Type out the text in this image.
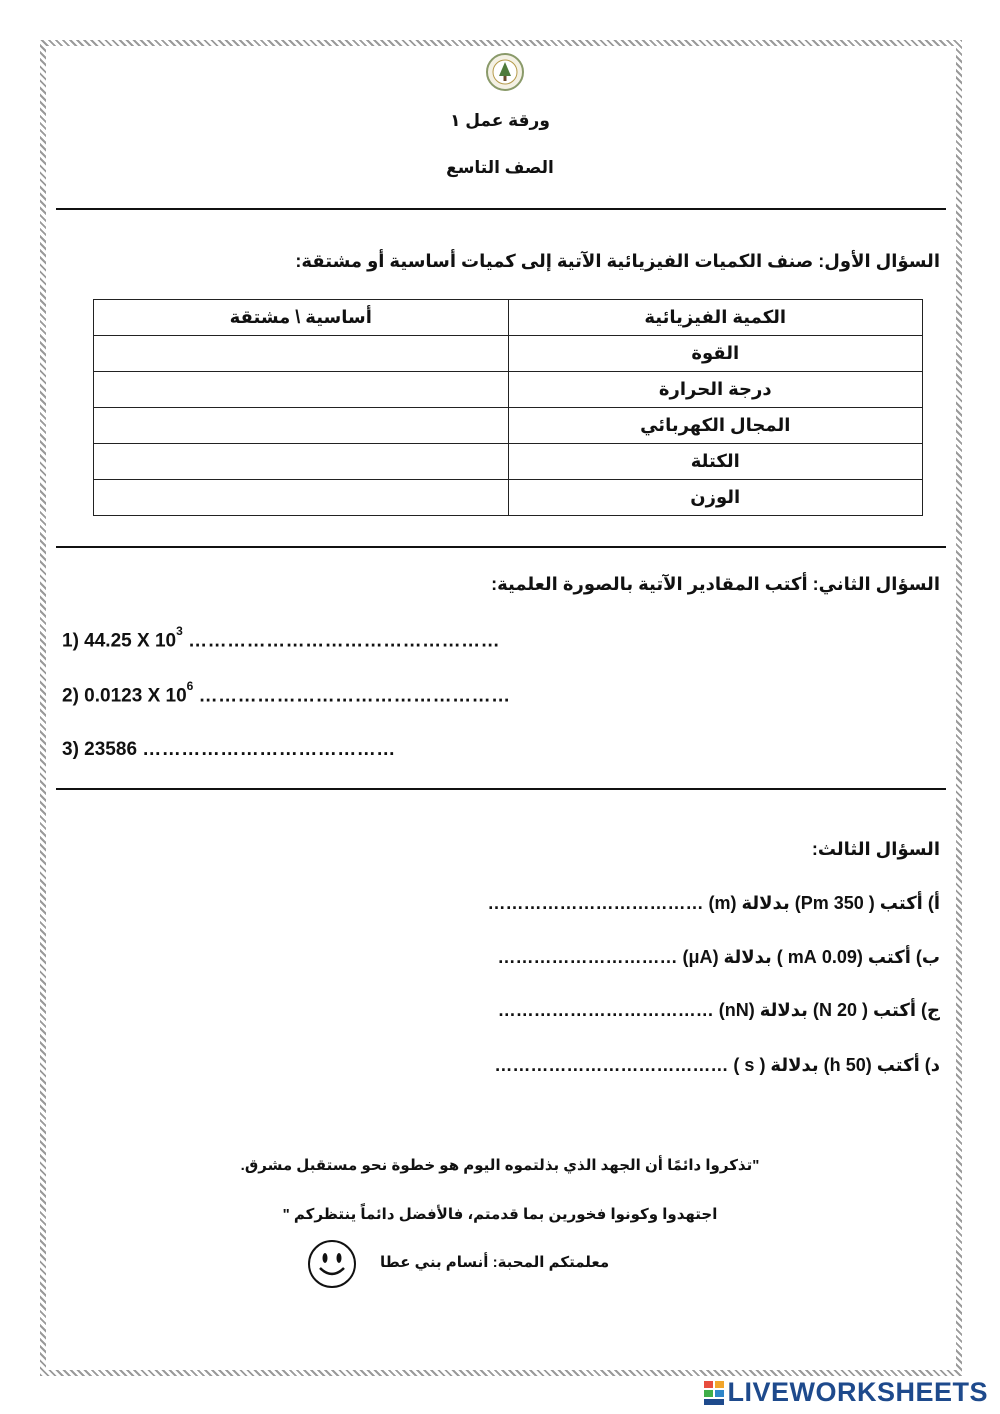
ورقة عمل ١
الصف التاسع
السؤال الأول: صنف الكميات الفيزيائية الآتية إلى كميات أساسية أو مشتقة:
الكمية الفيزيائية	أساسية \ مشتقة
القوة	
درجة الحرارة	
المجال الكهربائي	
الكتلة	
الوزن	
السؤال الثاني: أكتب المقادير الآتية بالصورة العلمية:
1) 44.25 X $10^3$ …………………………………………
2) 0.0123 X $10^6$ …………………………………………
3) 23586 …………………………………
السؤال الثالث:
أ) أكتب ( 350 Pm) بدلالة (m) ………………………………
ب) أكتب (0.09 mA ) بدلالة (μA) …………………………
ج) أكتب ( 20 N) بدلالة (nN) ………………………………
د) أكتب (50 h) بدلالة ( s ) …………………………………
"تذكروا دائمًا أن الجهد الذي بذلتموه اليوم هو خطوة نحو مستقبل مشرق.
اجتهدوا وكونوا فخورين بما قدمتم، فالأفضل دائماً ينتظركم "
معلمتكم المحبة: أنسام بني عطا
LIVEWORKSHEETS
